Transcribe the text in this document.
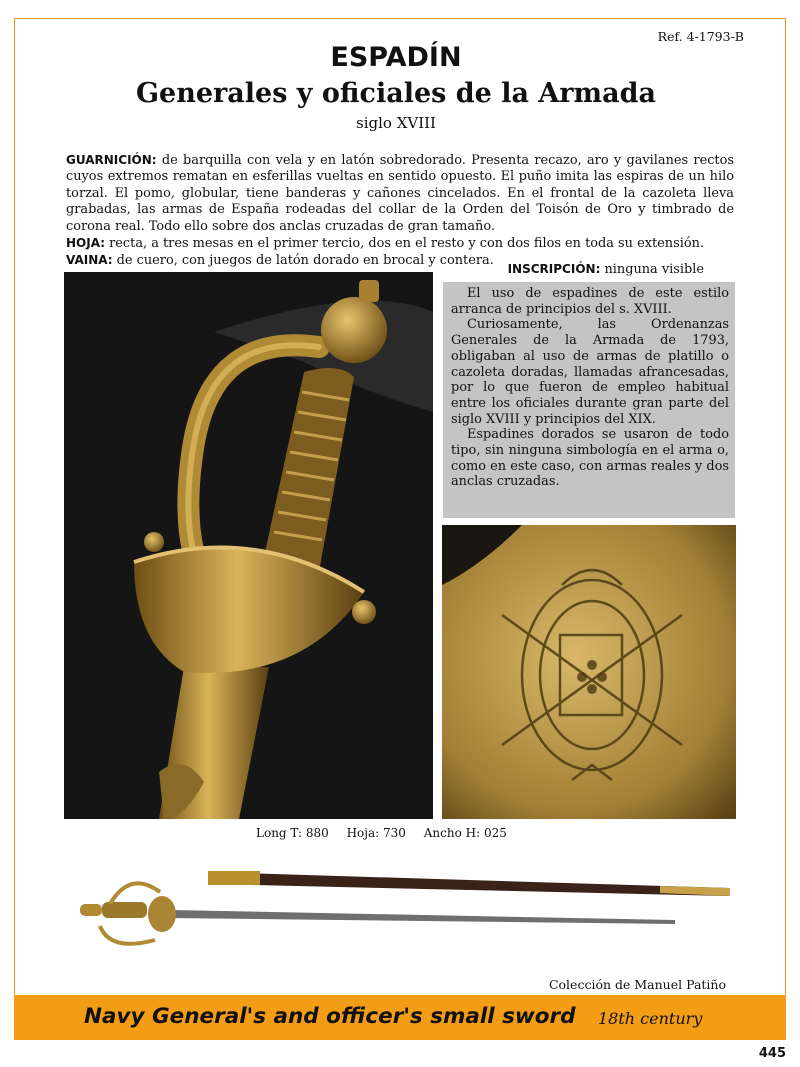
Ref. 4-1793-B
ESPADÍN
Generales y oficiales de la Armada
siglo XVIII

GUARNICIÓN: de barquilla con vela y en latón sobredorado. Presenta recazo, aro y gavilanes rectos cuyos extremos rematan en esferillas vueltas en sentido opuesto. El puño imita las espiras de un hilo torzal. El pomo, globular, tiene banderas y cañones cincelados. En el frontal de la cazoleta lleva grabadas, las armas de España rodeadas del collar de la Orden del Toisón de Oro y timbrado de corona real. Todo ello sobre dos anclas cruzadas de gran tamaño.

HOJA: recta, a tres mesas en el primer tercio, dos en el resto y con dos filos en toda su extensión.

VAINA: de cuero, con juegos de latón dorado en brocal y contera.

INSCRIPCIÓN: ninguna visible

El uso de espadines de este estilo arranca de principios del s. XVIII.

Curiosamente, las Ordenanzas Generales de la Armada de 1793, obligaban al uso de armas de platillo o cazoleta doradas, llamadas afrancesadas, por lo que fueron de empleo habitual entre los oficiales durante gran parte del siglo XVIII y principios del XIX.

Espadines dorados se usaron de todo tipo, sin ninguna simbología en el arma o, como en este caso, con armas reales y dos anclas cruzadas.

Long T: 880 Hoja: 730 Ancho H: 025
Colección de Manuel Patiño
Navy General's and officer's small sword 18th century
445
